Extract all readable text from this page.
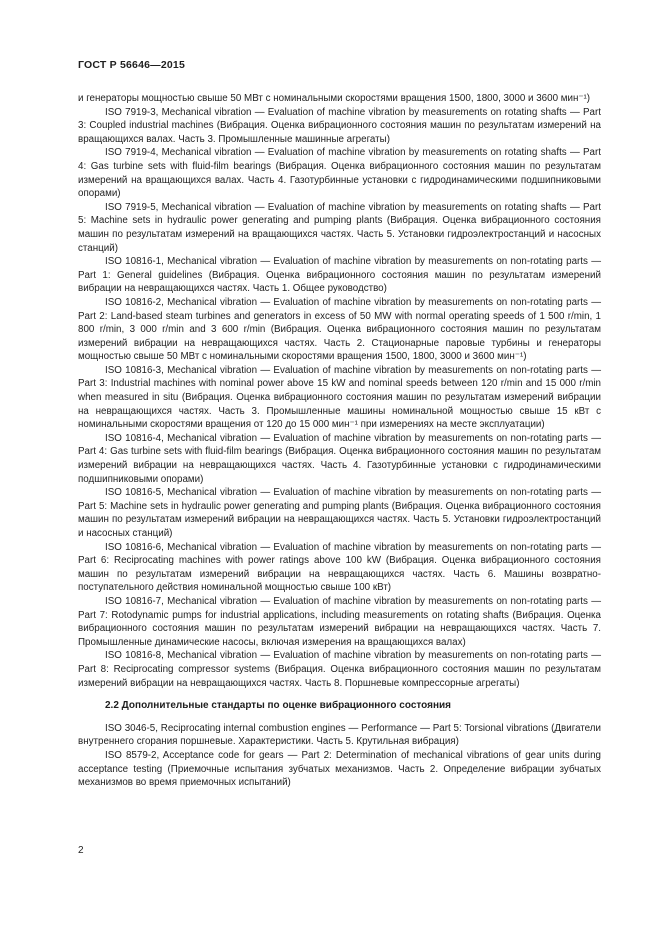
ГОСТ Р 56646—2015

и генераторы мощностью свыше 50 МВт с номинальными скоростями вращения 1500, 1800, 3000 и 3600 мин⁻¹)

ISO 7919-3, Mechanical vibration — Evaluation of machine vibration by measurements on rotating shafts — Part 3: Coupled industrial machines (Вибрация. Оценка вибрационного состояния машин по результатам измерений на вращающихся валах. Часть 3. Промышленные машинные агрегаты)

ISO 7919-4, Mechanical vibration — Evaluation of machine vibration by measurements on rotating shafts — Part 4: Gas turbine sets with fluid-film bearings (Вибрация. Оценка вибрационного состояния машин по результатам измерений на вращающихся валах. Часть 4. Газотурбинные установки с гидродинамическими подшипниковыми опорами)

ISO 7919-5, Mechanical vibration — Evaluation of machine vibration by measurements on rotating shafts — Part 5: Machine sets in hydraulic power generating and pumping plants (Вибрация. Оценка вибрационного состояния машин по результатам измерений на вращающихся частях. Часть 5. Установки гидроэлектростанций и насосных станций)

ISO 10816-1, Mechanical vibration — Evaluation of machine vibration by measurements on non-rotating parts — Part 1: General guidelines (Вибрация. Оценка вибрационного состояния машин по результатам измерений вибрации на невращающихся частях. Часть 1. Общее руководство)

ISO 10816-2, Mechanical vibration — Evaluation of machine vibration by measurements on non-rotating parts — Part 2: Land-based steam turbines and generators in excess of 50 MW with normal operating speeds of 1 500 r/min, 1 800 r/min, 3 000 r/min and 3 600 r/min (Вибрация. Оценка вибрационного состояния машин по результатам измерений вибрации на невращающихся частях. Часть 2. Стационарные паровые турбины и генераторы мощностью свыше 50 МВт с номинальными скоростями вращения 1500, 1800, 3000 и 3600 мин⁻¹)

ISO 10816-3, Mechanical vibration — Evaluation of machine vibration by measurements on non-rotating parts — Part 3: Industrial machines with nominal power above 15 kW and nominal speeds between 120 r/min and 15 000 r/min when measured in situ (Вибрация. Оценка вибрационного состояния машин по результатам измерений вибрации на невращающихся частях. Часть 3. Промышленные машины номинальной мощностью свыше 15 кВт с номинальными скоростями вращения от 120 до 15 000 мин⁻¹ при измерениях на месте эксплуатации)

ISO 10816-4, Mechanical vibration — Evaluation of machine vibration by measurements on non-rotating parts — Part 4: Gas turbine sets with fluid-film bearings (Вибрация. Оценка вибрационного состояния машин по результатам измерений вибрации на невращающихся частях. Часть 4. Газотурбинные установки с гидродинамическими подшипниковыми опорами)

ISO 10816-5, Mechanical vibration — Evaluation of machine vibration by measurements on non-rotating parts — Part 5: Machine sets in hydraulic power generating and pumping plants (Вибрация. Оценка вибрационного состояния машин по результатам измерений вибрации на невращающихся частях. Часть 5. Установки гидроэлектростанций и насосных станций)

ISO 10816-6, Mechanical vibration — Evaluation of machine vibration by measurements on non-rotating parts — Part 6: Reciprocating machines with power ratings above 100 kW (Вибрация. Оценка вибрационного состояния машин по результатам измерений вибрации на невращающихся частях. Часть 6. Машины возвратно-поступательного действия номинальной мощностью свыше 100 кВт)

ISO 10816-7, Mechanical vibration — Evaluation of machine vibration by measurements on non-rotating parts — Part 7: Rotodynamic pumps for industrial applications, including measurements on rotating shafts (Вибрация. Оценка вибрационного состояния машин по результатам измерений вибрации на невращающихся частях. Часть 7. Промышленные динамические насосы, включая измерения на вращающихся валах)

ISO 10816-8, Mechanical vibration — Evaluation of machine vibration by measurements on non-rotating parts — Part 8: Reciprocating compressor systems (Вибрация. Оценка вибрационного состояния машин по результатам измерений вибрации на невращающихся частях. Часть 8. Поршневые компрессорные агрегаты)

2.2 Дополнительные стандарты по оценке вибрационного состояния

ISO 3046-5, Reciprocating internal combustion engines — Performance — Part 5: Torsional vibrations (Двигатели внутреннего сгорания поршневые. Характеристики. Часть 5. Крутильная вибрация)

ISO 8579-2, Acceptance code for gears — Part 2: Determination of mechanical vibrations of gear units during acceptance testing (Приемочные испытания зубчатых механизмов. Часть 2. Определение вибрации зубчатых механизмов во время приемочных испытаний)

2
